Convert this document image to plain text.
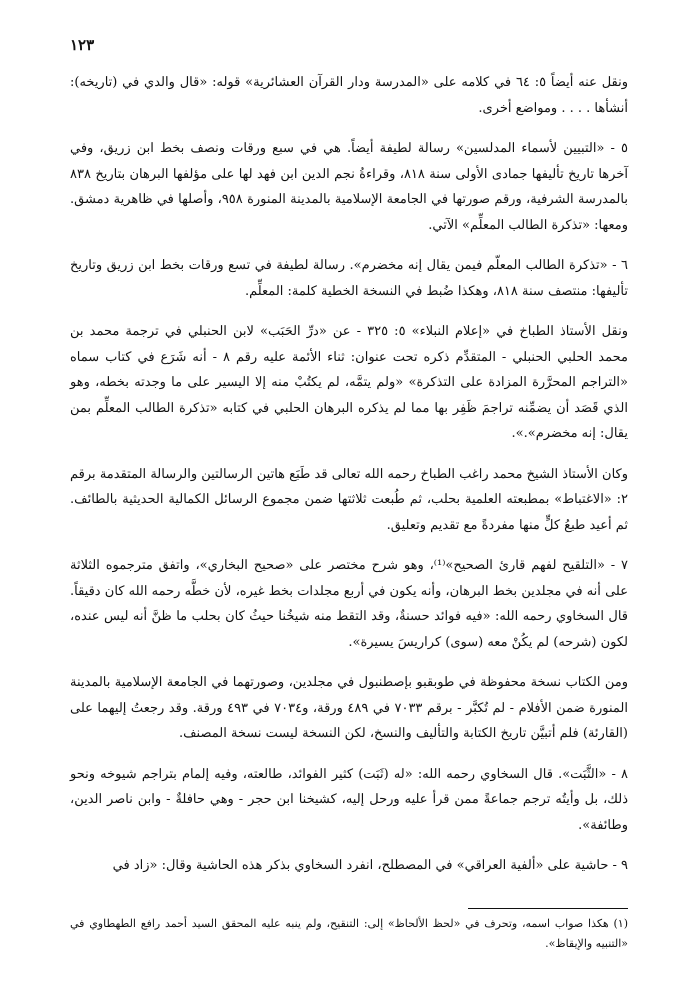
١٢٣

ونقل عنه أيضاً ٥: ٦٤ في كلامه على «المدرسة ودار القرآن العشائرية» قوله: «قال والدي في (تاريخه): أنشأها . . . . ومواضع أخرى.

٥ - «التبيين لأسماء المدلسين» رسالة لطيفة أيضاً. هي في سبع ورقات ونصف بخط ابن زريق، وفي آخرها تاريخ تأليفها جمادى الأولى سنة ٨١٨، وقراءةُ نجم الدين ابن فهد لها على مؤلفها البرهان بتاريخ ٨٣٨ بالمدرسة الشرفية، ورقم صورتها في الجامعة الإسلامية بالمدينة المنورة ٩٥٨، وأصلها في ظاهرية دمشق. ومعها: «تذكرة الطالب المعلِّم» الآتي.

٦ - «تذكرة الطالب المعلّم فيمن يقال إنه مخضرم». رسالة لطيفة في تسع ورقات بخط ابن زريق وتاريخ تأليفها: منتصف سنة ٨١٨، وهكذا ضُبط في النسخة الخطية كلمة: المعلِّم.

ونقل الأستاذ الطباخ في «إعلام النبلاء» ٥: ٣٢٥ - عن «درِّ الحَبَب» لابن الحنبلي في ترجمة محمد بن محمد الحلبي الحنبلي - المتقدِّم ذكره تحت عنوان: ثناء الأئمة عليه رقم ٨ - أنه شَرَع في كتاب سماه «التراجم المحرَّرة المزادة على التذكرة» «ولم يتمَّه، لم يكتُبْ منه إلا اليسير على ما وجدته بخطه، وهو الذي قَصَد أن يضمِّنه تراجمَ ظَفِر بها مما لم يذكره البرهان الحلبي في كتابه «تذكرة الطالب المعلِّم بمن يقال: إنه مخضرم».».

وكان الأستاذ الشيخ محمد راغب الطباخ رحمه الله تعالى قد طَبَع هاتين الرسالتين والرسالة المتقدمة برقم ٢: «الاغتباط» بمطبعته العلمية بحلب، ثم طُبعت ثلاثتها ضمن مجموع الرسائل الكمالية الحديثية بالطائف. ثم أعيد طبعُ كلٍّ منها مفردةً مع تقديم وتعليق.

٧ - «التلقيح لفهم قارئ الصحيح»⁽¹⁾، وهو شرح مختصر على «صحيح البخاري»، واتفق مترجموه الثلاثة على أنه في مجلدين بخط البرهان، وأنه يكون في أربع مجلدات بخط غيره، لأن خطَّه رحمه الله كان دقيقاً. قال السخاوي رحمه الله: «فيه فوائد حسنةٌ، وقد التقط منه شيخُنا حيثُ كان بحلب ما ظنَّ أنه ليس عنده، لكون (شرحه) لم يكُنْ معه (سوى) كراريسَ يسيرة».

ومن الكتاب نسخة محفوظة في طوبقبو بإصطنبول في مجلدين، وصورتهما في الجامعة الإسلامية بالمدينة المنورة ضمن الأفلام - لم تُكبَّر - برقم ٧٠٣٣ في ٤٨٩ ورقة، و٧٠٣٤ في ٤٩٣ ورقة. وقد رجعتُ إليهما على (القارئة) فلم أتبيَّن تاريخ الكتابة والتأليف والنسخ، لكن النسخة ليست نسخة المصنف.

٨ - «الثَّبَت». قال السخاوي رحمه الله: «له (ثَبَت) كثير الفوائد، طالعته، وفيه إلمام بتراجم شيوخه ونحو ذلك، بل وأيتُه ترجم جماعةً ممن قرأ عليه ورحل إليه، كشيخنا ابن حجر - وهي حافلةٌ - وابن ناصر الدين، وطائفة».

٩ - حاشية على «ألفية العراقي» في المصطلح، انفرد السخاوي بذكر هذه الحاشية وقال: «زاد في

(١) هكذا صواب اسمه، وتحرف في «لحظ الألحاظ» إلى: التنقيح، ولم ينبه عليه المحقق السيد أحمد رافع الطهطاوي في «التنبيه والإيقاظ».
